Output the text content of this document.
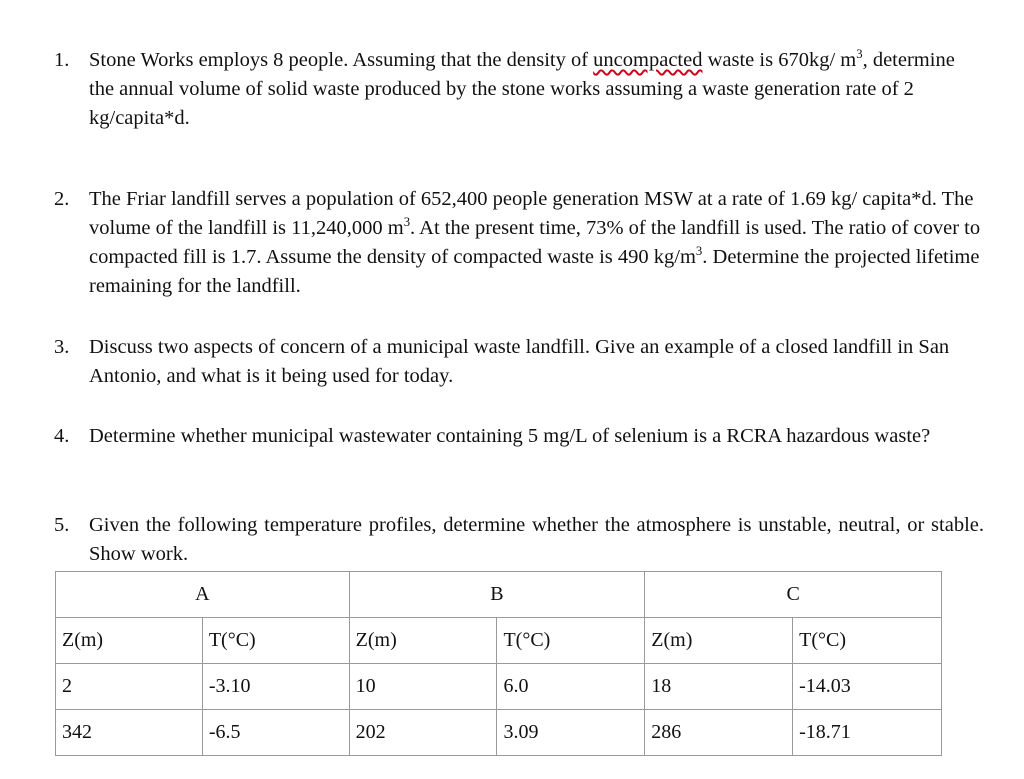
1. Stone Works employs 8 people. Assuming that the density of uncompacted waste is 670kg/ $m^3$, determine the annual volume of solid waste produced by the stone works assuming a waste generation rate of 2 kg/capita*d.
2. The Friar landfill serves a population of 652,400 people generation MSW at a rate of 1.69 kg/ capita*d. The volume of the landfill is 11,240,000 $m^3$. At the present time, 73% of the landfill is used. The ratio of cover to compacted fill is 1.7. Assume the density of compacted waste is 490 $kg/m^3$. Determine the projected lifetime remaining for the landfill.
3. Discuss two aspects of concern of a municipal waste landfill. Give an example of a closed landfill in San Antonio, and what is it being used for today.
4. Determine whether municipal wastewater containing 5 mg/L of selenium is a RCRA hazardous waste?
5. Given the following temperature profiles, determine whether the atmosphere is unstable, neutral, or stable. Show work.
A		B		C	
Z(m)	T(°C)	Z(m)	T(°C)	Z(m)	T(°C)
2	-3.10	10	6.0	18	-14.03
342	-6.5	202	3.09	286	-18.71
